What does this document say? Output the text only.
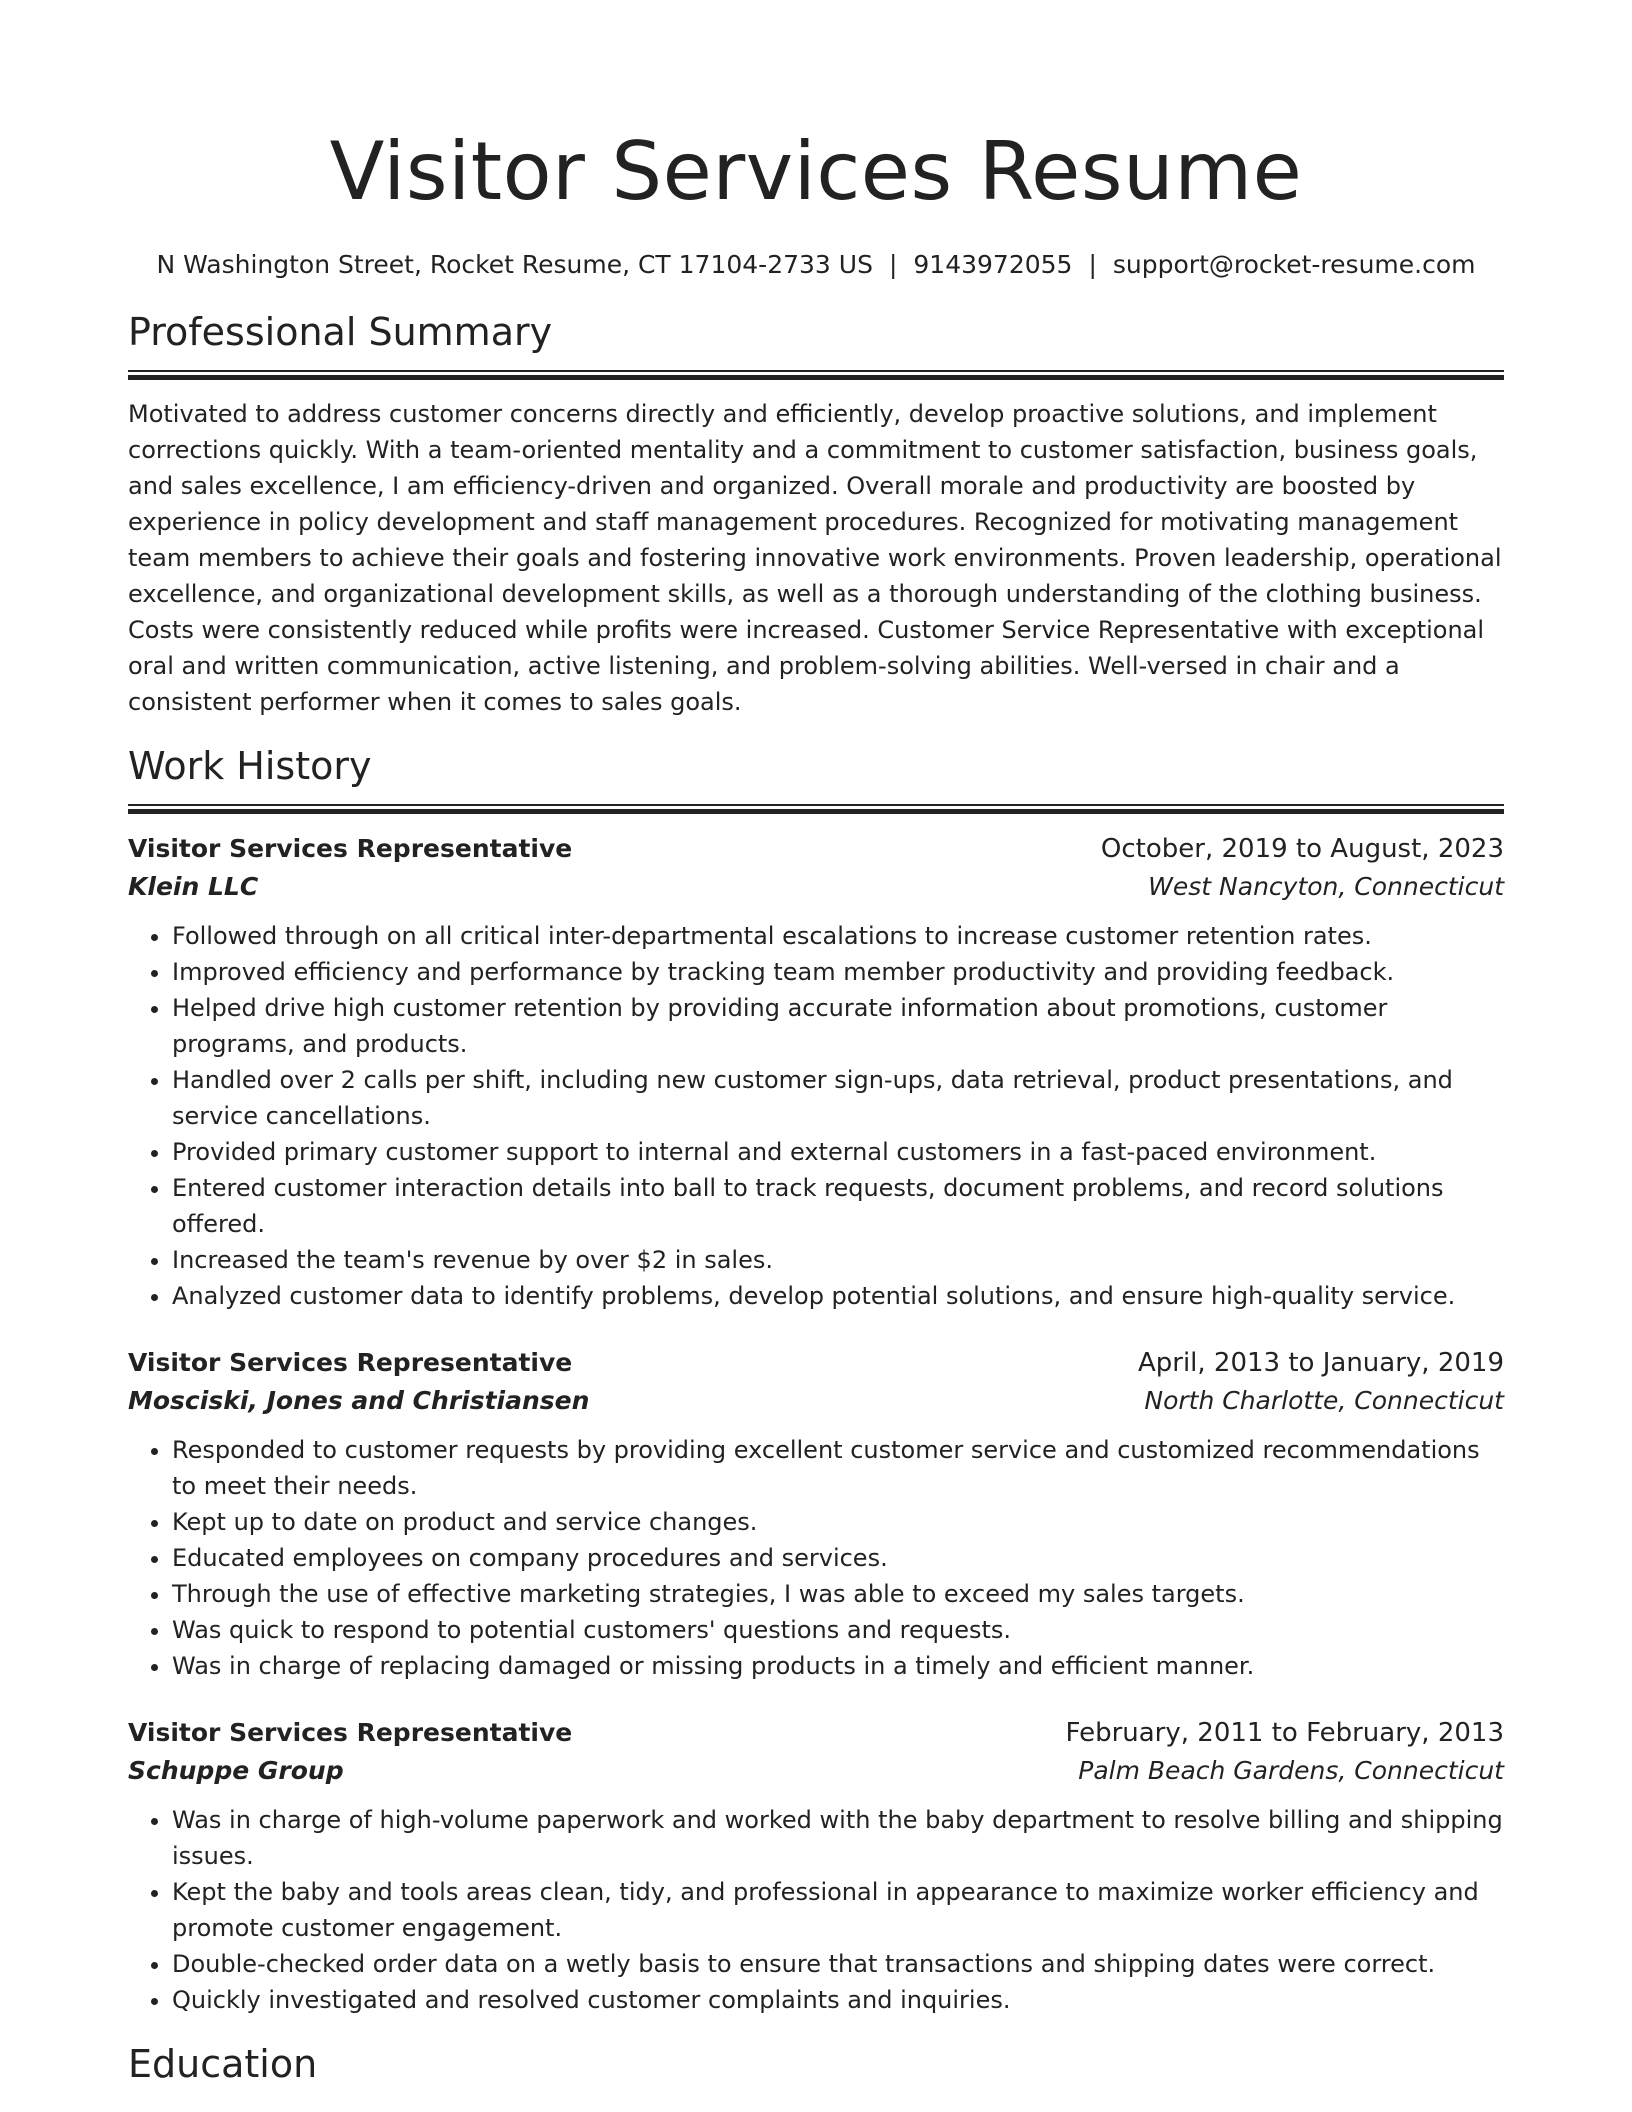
Visitor Services Resume
N Washington Street, Rocket Resume, CT 17104-2733 US | 9143972055 | support@rocket-resume.com
Professional Summary

Motivated to address customer concerns directly and efficiently, develop proactive solutions, and implement corrections quickly. With a team-oriented mentality and a commitment to customer satisfaction, business goals, and sales excellence, I am efficiency-driven and organized. Overall morale and productivity are boosted by experience in policy development and staff management procedures. Recognized for motivating management team members to achieve their goals and fostering innovative work environments. Proven leadership, operational excellence, and organizational development skills, as well as a thorough understanding of the clothing business. Costs were consistently reduced while profits were increased. Customer Service Representative with exceptional oral and written communication, active listening, and problem-solving abilities. Well-versed in chair and a consistent performer when it comes to sales goals.

Work History
Visitor Services Representative	October, 2019 to August, 2023
Klein LLC	West Nancyton, Connecticut
• Followed through on all critical inter-departmental escalations to increase customer retention rates.
• Improved efficiency and performance by tracking team member productivity and providing feedback.
• Helped drive high customer retention by providing accurate information about promotions, customer programs, and products.
• Handled over 2 calls per shift, including new customer sign-ups, data retrieval, product presentations, and service cancellations.
• Provided primary customer support to internal and external customers in a fast-paced environment.
• Entered customer interaction details into ball to track requests, document problems, and record solutions offered.
• Increased the team's revenue by over $2 in sales.
• Analyzed customer data to identify problems, develop potential solutions, and ensure high-quality service.
Visitor Services Representative	April, 2013 to January, 2019
Mosciski, Jones and Christiansen	North Charlotte, Connecticut
• Responded to customer requests by providing excellent customer service and customized recommendations to meet their needs.
• Kept up to date on product and service changes.
• Educated employees on company procedures and services.
• Through the use of effective marketing strategies, I was able to exceed my sales targets.
• Was quick to respond to potential customers' questions and requests.
• Was in charge of replacing damaged or missing products in a timely and efficient manner.
Visitor Services Representative	February, 2011 to February, 2013
Schuppe Group	Palm Beach Gardens, Connecticut
• Was in charge of high-volume paperwork and worked with the baby department to resolve billing and shipping issues.
• Kept the baby and tools areas clean, tidy, and professional in appearance to maximize worker efficiency and promote customer engagement.
• Double-checked order data on a wetly basis to ensure that transactions and shipping dates were correct.
• Quickly investigated and resolved customer complaints and inquiries.
Education
